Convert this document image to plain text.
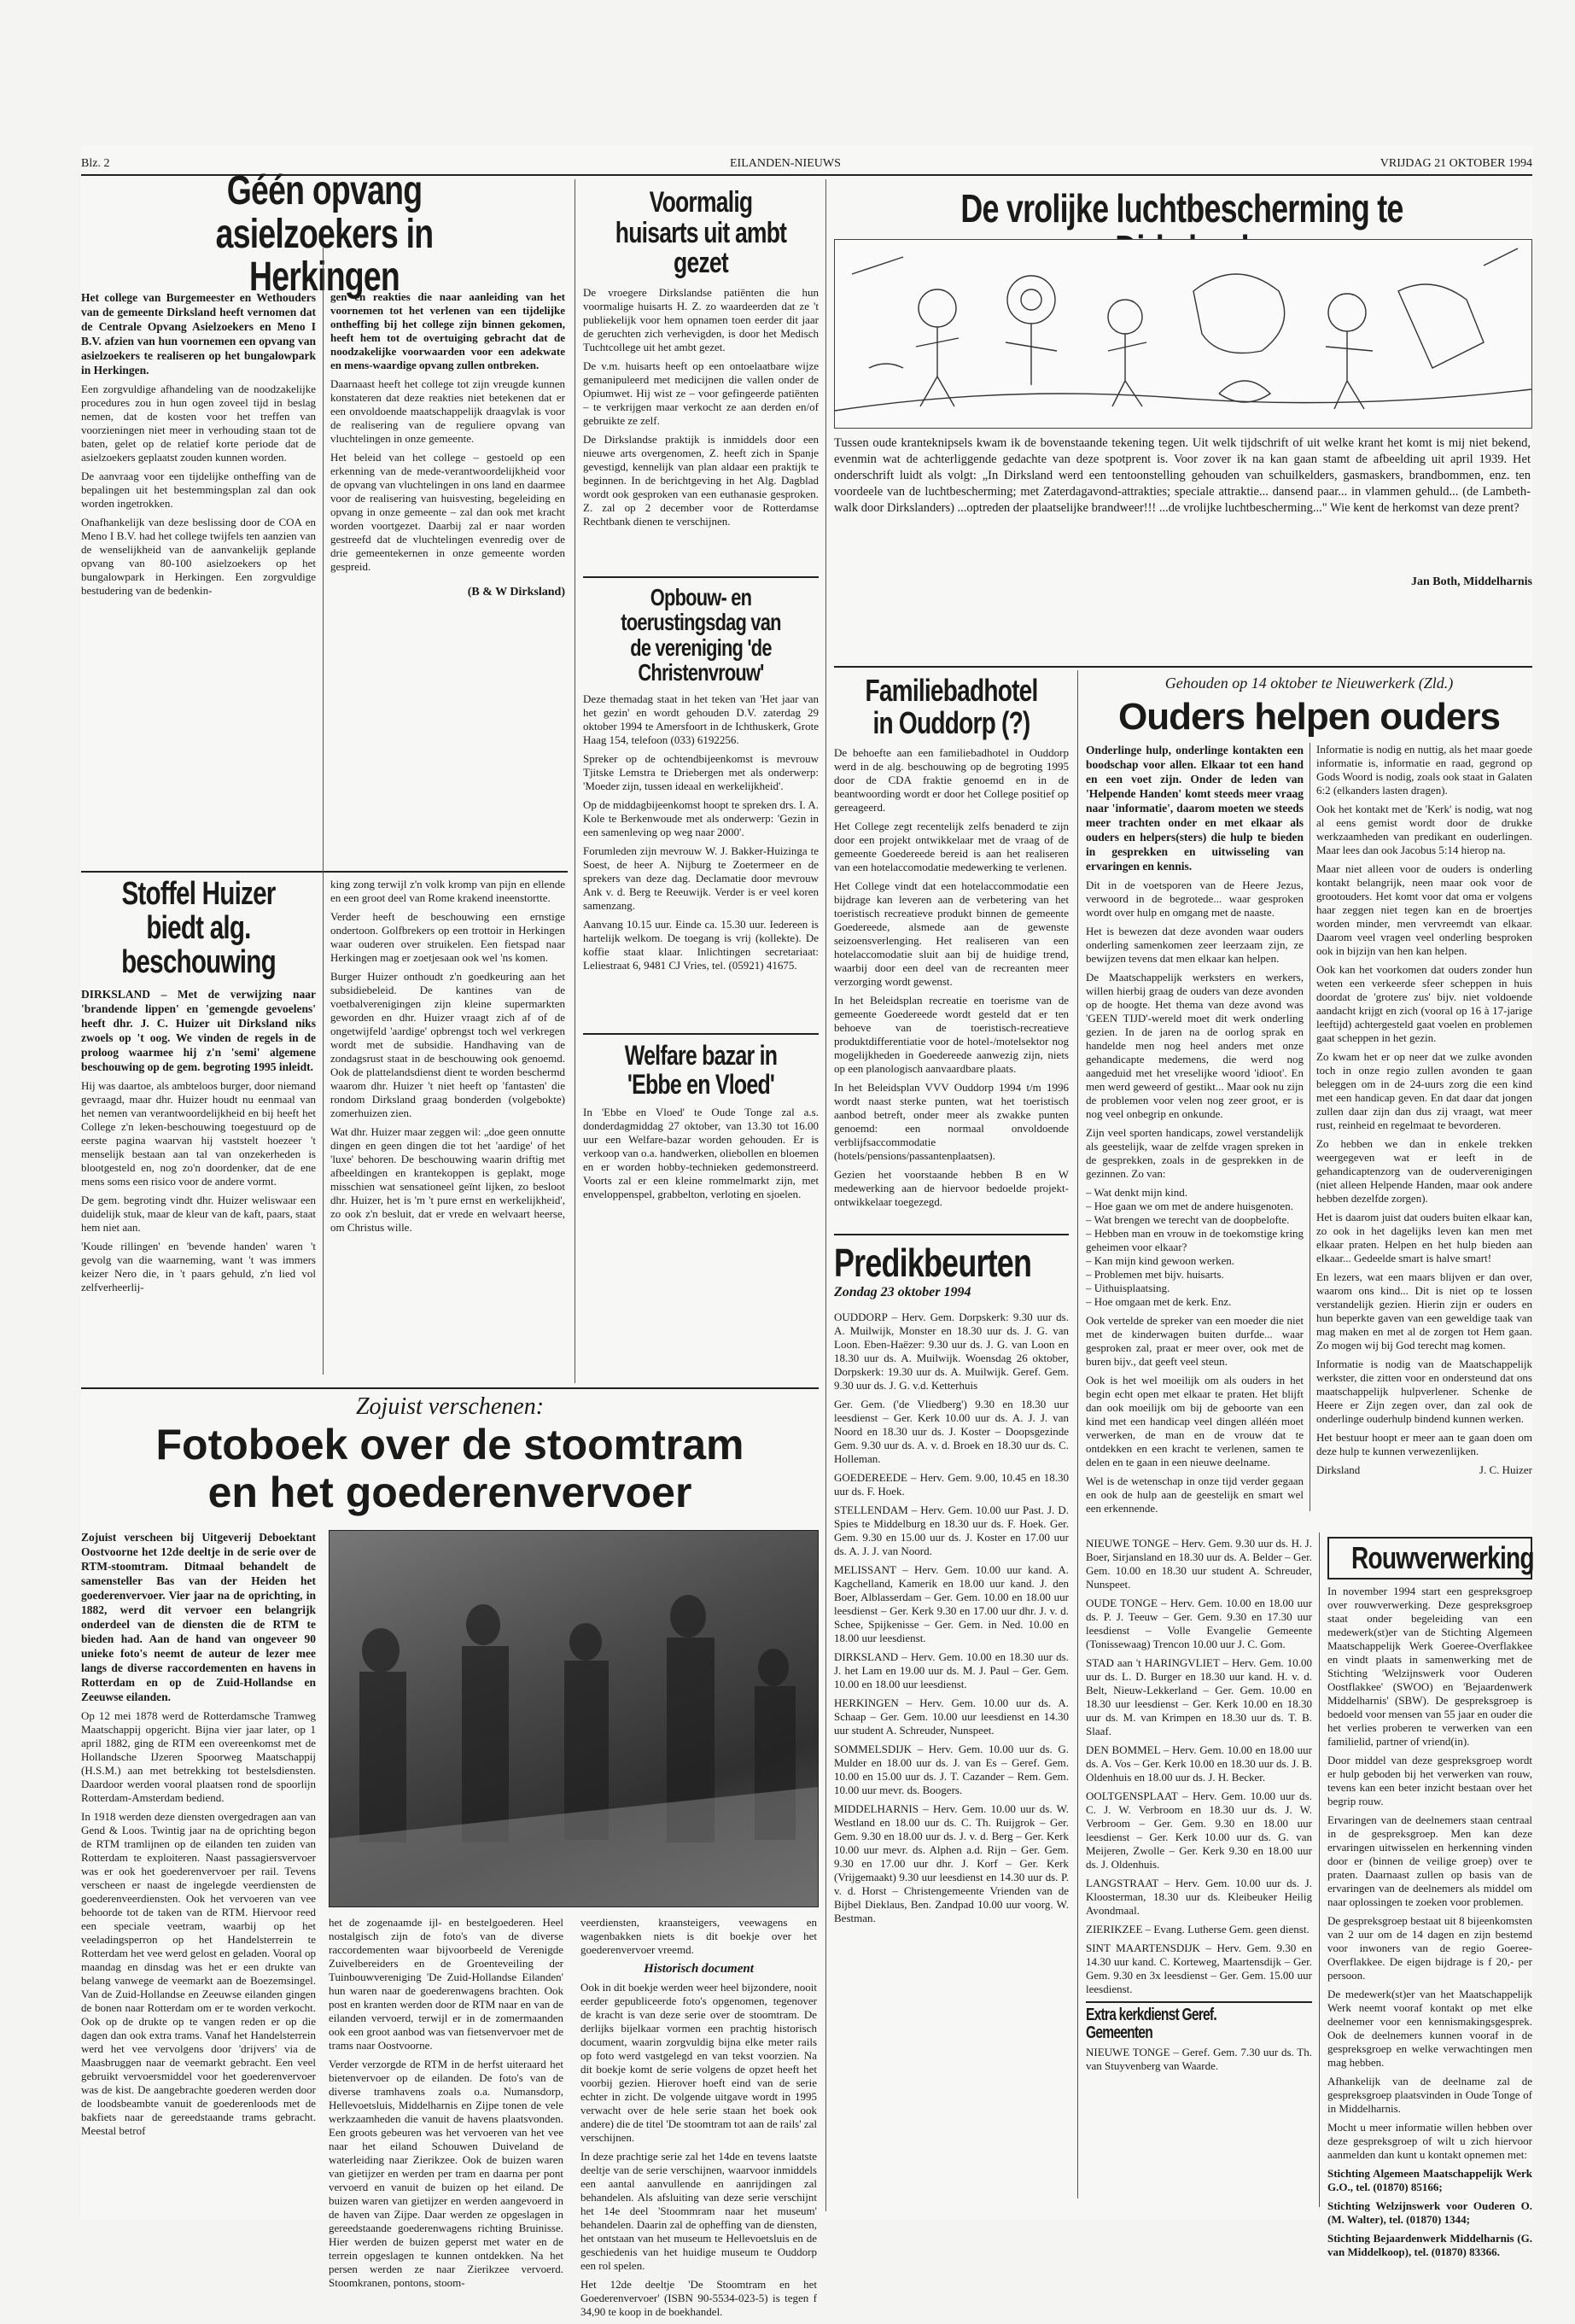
Blz. 2	EILANDEN-NIEUWS	VRIJDAG 21 OKTOBER 1994
Géén opvang asielzoekers in Herkingen

Het college van Burgemeester en Wethouders van de gemeente Dirksland heeft vernomen dat de Centrale Opvang Asielzoekers en Meno I B.V. afzien van hun voornemen een opvang van asielzoekers te realiseren op het bungalowpark in Herkingen.

Een zorgvuldige afhandeling van de noodzakelijke procedures zou in hun ogen zoveel tijd in beslag nemen, dat de kosten voor het treffen van voorzieningen niet meer in verhouding staan tot de baten, gelet op de relatief korte periode dat de asielzoekers geplaatst zouden kunnen worden.

De aanvraag voor een tijdelijke ontheffing van de bepalingen uit het bestemmingsplan zal dan ook worden ingetrokken.

Onafhankelijk van deze beslissing door de COA en Meno I B.V. had het college twijfels ten aanzien van de wenselijkheid van de aanvankelijk geplande opvang van 80-100 asielzoekers op het bungalowpark in Herkingen. Een zorgvuldige bestudering van de bedenkin-

gen en reakties die naar aanleiding van het voornemen tot het verlenen van een tijdelijke ontheffing bij het college zijn binnen gekomen, heeft hem tot de overtuiging gebracht dat de noodzakelijke voorwaarden voor een adekwate en mens-waardige opvang zullen ontbreken.

Daarnaast heeft het college tot zijn vreugde kunnen konstateren dat deze reakties niet betekenen dat er een onvoldoende maatschappelijk draagvlak is voor de realisering van de reguliere opvang van vluchtelingen in onze gemeente.

Het beleid van het college – gestoeld op een erkenning van de mede-verantwoordelijkheid voor de opvang van vluchtelingen in ons land en daarmee voor de realisering van huisvesting, begeleiding en opvang in onze gemeente – zal dan ook met kracht worden voortgezet. Daarbij zal er naar worden gestreefd dat de vluchtelingen evenredig over de drie gemeentekernen in onze gemeente worden gespreid.

(B & W Dirksland)

Stoffel Huizer biedt alg. beschouwing

DIRKSLAND – Met de verwijzing naar 'brandende lippen' en 'gemengde gevoelens' heeft dhr. J. C. Huizer uit Dirksland niks zwoels op 't oog. We vinden de regels in de proloog waarmee hij z'n 'semi' algemene beschouwing op de gem. begroting 1995 inleidt.

Hij was daartoe, als ambteloos burger, door niemand gevraagd, maar dhr. Huizer houdt nu eenmaal van het nemen van verantwoordelijkheid en bij heeft het College z'n leken-beschouwing toegestuurd op de eerste pagina waarvan hij vaststelt hoezeer 't menselijk bestaan aan tal van onzekerheden is blootgesteld en, nog zo'n doordenker, dat de ene mens soms een risico voor de andere vormt.

De gem. begroting vindt dhr. Huizer weliswaar een duidelijk stuk, maar de kleur van de kaft, paars, staat hem niet aan.

'Koude rillingen' en 'bevende handen' waren 't gevolg van die waarneming, want 't was immers keizer Nero die, in 't paars gehuld, z'n lied vol zelfverheerlij-

king zong terwijl z'n volk kromp van pijn en ellende en een groot deel van Rome krakend ineenstortte.

Verder heeft de beschouwing een ernstige ondertoon. Golfbrekers op een trottoir in Herkingen waar ouderen over struikelen. Een fietspad naar Herkingen mag er zoetjesaan ook wel 'ns komen.

Burger Huizer onthoudt z'n goedkeuring aan het subsidiebeleid. De kantines van de voetbalverenigingen zijn kleine supermarkten geworden en dhr. Huizer vraagt zich af of de ongetwijfeld 'aardige' opbrengst toch wel verkregen wordt met de subsidie. Handhaving van de zondagsrust staat in de beschouwing ook genoemd. Ook de plattelandsdienst dient te worden beschermd waarom dhr. Huizer 't niet heeft op 'fantasten' die rondom Dirksland graag bonderden (volgebokte) zomerhuizen zien.

Wat dhr. Huizer maar zeggen wil: „doe geen onnutte dingen en geen dingen die tot het 'aardige' of het 'luxe' behoren. De beschouwing waarin driftig met afbeeldingen en krantekoppen is geplakt, moge misschien wat sensationeel geïnt lijken, zo besloot dhr. Huizer, het is 'm 't pure ernst en werkelijkheid', zo ook z'n besluit, dat er vrede en welvaart heerse, om Christus wille.

Voormalig huisarts uit ambt gezet

De vroegere Dirkslandse patiënten die hun voormalige huisarts H. Z. zo waardeerden dat ze 't publiekelijk voor hem opnamen toen eerder dit jaar de geruchten zich verhevigden, is door het Medisch Tuchtcollege uit het ambt gezet.

De v.m. huisarts heeft op een ontoelaatbare wijze gemanipuleerd met medicijnen die vallen onder de Opiumwet. Hij wist ze – voor gefingeerde patiënten – te verkrijgen maar verkocht ze aan derden en/of gebruikte ze zelf.

De Dirkslandse praktijk is inmiddels door een nieuwe arts overgenomen, Z. heeft zich in Spanje gevestigd, kennelijk van plan aldaar een praktijk te beginnen. In de berichtgeving in het Alg. Dagblad wordt ook gesproken van een euthanasie gesproken. Z. zal op 2 december voor de Rotterdamse Rechtbank dienen te verschijnen.

Opbouw- en toerustingsdag van de vereniging 'de Christenvrouw'

Deze themadag staat in het teken van 'Het jaar van het gezin' en wordt gehouden D.V. zaterdag 29 oktober 1994 te Amersfoort in de Ichthuskerk, Grote Haag 154, telefoon (033) 6192256.

Spreker op de ochtendbijeenkomst is mevrouw Tjitske Lemstra te Driebergen met als onderwerp: 'Moeder zijn, tussen ideaal en werkelijkheid'.

Op de middagbijeenkomst hoopt te spreken drs. I. A. Kole te Berkenwoude met als onderwerp: 'Gezin in een samenleving op weg naar 2000'.

Forumleden zijn mevrouw W. J. Bakker-Huizinga te Soest, de heer A. Nijburg te Zoetermeer en de sprekers van deze dag. Declamatie door mevrouw Ank v. d. Berg te Reeuwijk. Verder is er veel koren samenzang.

Aanvang 10.15 uur. Einde ca. 15.30 uur. Iedereen is hartelijk welkom. De toegang is vrij (kollekte). De koffie staat klaar. Inlichtingen secretariaat: Leliestraat 6, 9481 CJ Vries, tel. (05921) 41675.

Welfare bazar in 'Ebbe en Vloed'

In 'Ebbe en Vloed' te Oude Tonge zal a.s. donderdagmiddag 27 oktober, van 13.30 tot 16.00 uur een Welfare-bazar worden gehouden. Er is verkoop van o.a. handwerken, oliebollen en bloemen en er worden hobby-technieken gedemonstreerd. Voorts zal er een kleine rommelmarkt zijn, met enveloppenspel, grabbelton, verloting en sjoelen.

De vrolijke luchtbescherming te

Tussen oude kranteknipsels kwam ik de bovenstaande tekening tegen. Uit welk tijdschrift of uit welke krant het komt is mij niet bekend, evenmin wat de achterliggende gedachte van deze spotprent is. Voor zover ik na kan gaan stamt de afbeelding uit april 1939. Het onderschrift luidt als volgt: „In Dirksland werd een tentoonstelling gehouden van schuilkelders, gasmaskers, brandbommen, enz. ten voordeele van de luchtbescherming; met Zaterdagavond-attrakties; speciale attraktie... dansend paar... in vlammen gehuld... (de Lambeth-walk door Dirkslanders) ...optreden der plaatselijke brandweer!!! ...de vrolijke luchtbescherming..." Wie kent de herkomst van deze prent?

Jan Both, Middelharnis

Familiebadhotel in Ouddorp (?)

De behoefte aan een familiebadhotel in Ouddorp werd in de alg. beschouwing op de begroting 1995 door de CDA fraktie genoemd en in de beantwoording wordt er door het College positief op gereageerd.

Het College zegt recentelijk zelfs benaderd te zijn door een projekt ontwikkelaar met de vraag of de gemeente Goedereede bereid is aan het realiseren van een hotelaccomodatie medewerking te verlenen.

Het College vindt dat een hotelaccommodatie een bijdrage kan leveren aan de verbetering van het toeristisch recreatieve produkt binnen de gemeente Goedereede, alsmede aan de gewenste seizoensverlenging. Het realiseren van een hotelaccomodatie sluit aan bij de huidige trend, waarbij door een deel van de recreanten meer verzorging wordt gewenst.

In het Beleidsplan recreatie en toerisme van de gemeente Goedereede wordt gesteld dat er ten behoeve van de toeristisch-recreatieve produktdifferentiatie voor de hotel-/motelsektor nog mogelijkheden in Goedereede aanwezig zijn, niets op een planologisch aanvaardbare plaats.

In het Beleidsplan VVV Ouddorp 1994 t/m 1996 wordt naast sterke punten, wat het toeristisch aanbod betreft, onder meer als zwakke punten genoemd: een normaal onvoldoende verblijfsaccommodatie (hotels/pensions/passantenplaatsen).

Gezien het voorstaande hebben B en W medewerking aan de hiervoor bedoelde projekt-ontwikkelaar toegezegd.

Gehouden op 14 oktober te Nieuwerkerk (Zld.)

Ouders helpen ouders

Onderlinge hulp, onderlinge kontakten een boodschap voor allen. Elkaar tot een hand en een voet zijn. Onder de leden van 'Helpende Handen' komt steeds meer vraag naar 'informatie', daarom moeten we steeds meer trachten onder en met elkaar als ouders en helpers(sters) die hulp te bieden in gesprekken en uitwisseling van ervaringen en kennis.

Dit in de voetsporen van de Heere Jezus, verwoord in de begrotede... waar gesproken wordt over hulp en omgang met de naaste.

Het is bewezen dat deze avonden waar ouders onderling samenkomen zeer leerzaam zijn, ze bewijzen tevens dat men elkaar kan helpen.

De Maatschappelijk werksters en werkers, willen hierbij graag de ouders van deze avonden op de hoogte. Het thema van deze avond was 'GEEN TIJD'-wereld moet dit werk onderling gezien. In de jaren na de oorlog sprak en handelde men nog heel anders met onze gehandicapte medemens, die werd nog aangeduid met het vreselijke woord 'idioot'. En men werd geweerd of gestikt... Maar ook nu zijn de problemen voor velen nog zeer groot, er is nog veel onbegrip en onkunde.

Zijn veel sporten handicaps, zowel verstandelijk als geestelijk, waar de zelfde vragen spreken in de gesprekken, zoals in de gesprekken in de gezinnen. Zo van:

– Wat denkt mijn kind.
– Hoe gaan we om met de andere huisgenoten.
– Wat brengen we terecht van de doopbeloftе.
– Hebben man en vrouw in de toekomstige kring geheimen voor elkaar?
– Kan mijn kind gewoon werken.
– Problemen met bijv. huisarts.
– Uithuisplaatsing.
– Hoe omgaan met de kerk. Enz.

Ook vertelde de spreker van een moeder die niet met de kinderwagen buiten durfde... waar gesproken zal, praat er meer over, ook met de buren bijv., dat geeft veel steun.

Ook is het wel moeilijk om als ouders in het begin echt open met elkaar te praten. Het blijft dan ook moeilijk om bij de geboorte van een kind met een handicap veel dingen alléén moet verwerken, de man en de vrouw dat te ontdekken en een kracht te verlenen, samen te delen en te gaan in een nieuwe deelname.

Wel is de wetenschap in onze tijd verder gegaan en ook de hulp aan de geestelijk en smart wel een erkennende.

Informatie is nodig en nuttig, als het maar goede informatie is, informatie en raad, gegrond op Gods Woord is nodig, zoals ook staat in Galaten 6:2 (elkanders lasten dragen).

Ook het kontakt met de 'Kerk' is nodig, wat nog al eens gemist wordt door de drukke werkzaamheden van predikant en ouderlingen. Maar lees dan ook Jacobus 5:14 hierop na.

Maar niet alleen voor de ouders is onderling kontakt belangrijk, neen maar ook voor de grootouders. Het komt voor dat oma er volgens haar zeggen niet tegen kan en de broertjes worden minder, men vervreemdt van elkaar. Daarom veel vragen veel onderling besproken ook in bijzijn van hen kan helpen.

Ook kan het voorkomen dat ouders zonder hun weten een verkeerde sfeer scheppen in huis doordat de 'grotere zus' bijv. niet voldoende aandacht krijgt en zich (vooral op 16 à 17-jarige leeftijd) achtergesteld gaat voelen en problemen gaat scheppen in het gezin.

Zo kwam het er op neer dat we zulke avonden toch in onze regio zullen avonden te gaan beleggen om in de 24-uurs zorg die een kind met een handicap geven. En dat daar dat jongen zullen daar zijn dan dus zij vraagt, wat meer rust, reinheid en regelmaat te bevorderen.

Zo hebben we dan in enkele trekken weergegeven wat er leeft in de gehandicaptenzorg van de ouderverenigingen (niet alleen Helpende Handen, maar ook andere hebben dezelfde zorgen).

Het is daarom juist dat ouders buiten elkaar kan, zo ook in het dagelijks leven kan men met elkaar praten. Helpen en het hulp bieden aan elkaar... Gedeelde smart is halve smart!

En lezers, wat een maars blijven er dan over, waarom ons kind... Dit is niet op te lossen verstandelijk gezien. Hierin zijn er ouders en hun beperkte gaven van een geweldige taak van mag maken en met al de zorgen tot Hem gaan. Zo mogen wij bij God terecht mag komen.

Informatie is nodig van de Maatschappelijk werkster, die zitten voor en ondersteund dat ons maatschappelijk hulpverlener. Schenke de Heere er Zijn zegen over, dan zal ook de onderlinge ouderhulp bindend kunnen werken.

Het bestuur hoopt er meer aan te gaan doen om deze hulp te kunnen verwezenlijken.

Dirksland	J. C. Huizer

Zojuist verschenen:

Fotoboek over de stoomtram
en het goederenvervoer

Zojuist verscheen bij Uitgeverij Deboektant Oostvoorne het 12de deeltje in de serie over de RTM-stoomtram. Ditmaal behandelt de samensteller Bas van der Heiden het goederenvervoer. Vier jaar na de oprichting, in 1882, werd dit vervoer een belangrijk onderdeel van de diensten die de RTM te bieden had. Aan de hand van ongeveer 90 unieke foto's neemt de auteur de lezer mee langs de diverse raccordementen en havens in Rotterdam en op de Zuid-Hollandse en Zeeuwse eilanden.

Op 12 mei 1878 werd de Rotterdamsche Tramweg Maatschappij opgericht. Bijna vier jaar later, op 1 april 1882, ging de RTM een overeenkomst met de Hollandsche IJzeren Spoorweg Maatschappij (H.S.M.) aan met betrekking tot bestelsdiensten. Daardoor werden vooral plaatsen rond de spoorlijn Rotterdam-Amsterdam bediend.

In 1918 werden deze diensten overgedragen aan van Gend & Loos. Twintig jaar na de oprichting begon de RTM tramlijnen op de eilanden ten zuiden van Rotterdam te exploiteren. Naast passagiersvervoer was er ook het goederenvervoer per rail. Tevens verscheen er naast de ingelegde veerdiensten de goederenveerdiensten. Ook het vervoeren van vee behoorde tot de taken van de RTM. Hiervoor reed een speciale veetram, waarbij op het veeladingsperron op het Handelsterrein te Rotterdam het vee werd gelost en geladen. Vooral op maandag en dinsdag was het er een drukte van belang vanwege de veemarkt aan de Boezemsingel. Van de Zuid-Hollandse en Zeeuwse eilanden gingen de bonen naar Rotterdam om er te worden verkocht. Ook op de drukte op te vangen reden er op die dagen dan ook extra trams. Vanaf het Handelsterrein werd het vee vervolgens door 'drijvers' via de Maasbruggen naar de veemarkt gebracht. Een veel gebruikt vervoersmiddel voor het goederenvervoer was de kist. De aangebrachte goederen werden door de loodsbeambte vanuit de goederenloods met de bakfiets naar de gereedstaande trams gebracht. Meestal betrof

het de zogenaamde ijl- en bestelgoederen. Heel nostalgisch zijn de foto's van de diverse raccordementen waar bijvoorbeeld de Verenigde Zuivelbereiders en de Groenteveiling der Tuinbouwvereniging 'De Zuid-Hollandse Eilanden' hun waren naar de goederenwagens brachten. Ook post en kranten werden door de RTM naar en van de eilanden vervoerd, terwijl er in de zomermaanden ook een groot aanbod was van fietsenvervoer met de trams naar Oostvoorne.

Verder verzorgde de RTM in de herfst uiteraard het bietenvervoer op de eilanden. De foto's van de diverse tramhavens zoals o.a. Numansdorp, Hellevoetsluis, Middelharnis en Zijpe tonen de vele werkzaamheden die vanuit de havens plaatsvonden. Een groots gebeuren was het vervoeren van het vee naar het eiland Schouwen Duiveland de waterleiding naar Zierikzee. Ook de buizen waren van gietijzer en werden per tram en daarna per pont vervoerd en vanuit de buizen op het eiland. De buizen waren van gietijzer en werden aangevoerd in de haven van Zijpe. Daar werden ze opgeslagen in gereedstaande goederenwagens richting Bruinisse. Hier werden de buizen geperst met water en de terrein opgeslagen te kunnen ontdekken. Na het persen werden ze naar Zierikzee vervoerd. Stoomkranen, pontons, stoom-

veerdiensten, kraansteigers, veewagens en wagenbakken niets is dit boekje over het goederenvervoer vreemd.

Historisch document

Ook in dit boekje werden weer heel bijzondere, nooit eerder gepubliceerde foto's opgenomen, tegenover de kracht is van deze serie over de stoomtram. De derlijks bijelkaar vormen een prachtig historisch document, waarin zorgvuldig bijna elke meter rails op foto werd vastgelegd en van tekst voorzien. Na dit boekje komt de serie volgens de opzet heeft het voorbij gezien. Hierover hoeft eind van de serie echter in zicht. De volgende uitgave wordt in 1995 verwacht over de hele serie staan het boek ook andere) die de titel 'De stoomtram tot aan de rails' zal verschijnen.

In deze prachtige serie zal het 14de en tevens laatste deeltje van de serie verschijnen, waarvoor inmiddels een aantal aanvullende en aanrijdingen zal behandelen. Als afsluiting van deze serie verschijnt het 14e deel 'Stoommram naar het museum' behandelen. Daarin zal de opheffing van de diensten, het ontstaan van het museum te Hellevoetsluis en de geschiedenis van het huidige museum te Ouddorp een rol spelen.

Het 12de deeltje 'De Stoomtram en het Goederenvervoer' (ISBN 90-5534-023-5) is tegen f 34,90 te koop in de boekhandel.

Predikbeurten

Zondag 23 oktober 1994

OUDDORP – Herv. Gem. Dorpskerk: 9.30 uur ds. A. Muilwijk, Monster en 18.30 uur ds. J. G. van Loon. Eben-Haëzer: 9.30 uur ds. J. G. van Loon en 18.30 uur ds. A. Muilwijk. Woensdag 26 oktober, Dorpskerk: 19.30 uur ds. A. Muilwijk. Geref. Gem. 9.30 uur ds. J. G. v.d. Ketterhuis
Ger. Gem. ('de Vliedberg') 9.30 en 18.30 uur leesdienst – Ger. Kerk 10.00 uur ds. A. J. J. van Noord en 18.30 uur ds. J. Koster – Doopsgezinde Gem. 9.30 uur ds. A. v. d. Broek en 18.30 uur ds. C. Holleman.
GOEDEREEDE – Herv. Gem. 9.00, 10.45 en 18.30 uur ds. F. Hoek.
STELLENDAM – Herv. Gem. 10.00 uur Past. J. D. Spies te Middelburg en 18.30 uur ds. F. Hoek. Ger. Gem. 9.30 en 15.00 uur ds. J. Koster en 17.00 uur ds. A. J. J. van Noord.
MELISSANT – Herv. Gem. 10.00 uur kand. A. Kagchelland, Kamerik en 18.00 uur kand. J. den Boer, Alblasserdam – Ger. Gem. 10.00 en 18.00 uur leesdienst – Ger. Kerk 9.30 en 17.00 uur dhr. J. v. d. Schee, Spijkenisse – Ger. Gem. in Ned. 10.00 en 18.00 uur leesdienst.
DIRKSLAND – Herv. Gem. 10.00 en 18.30 uur ds. J. het Lam en 19.00 uur ds. M. J. Paul – Ger. Gem. 10.00 en 18.00 uur leesdienst.
HERKINGEN – Herv. Gem. 10.00 uur ds. A. Schaap – Ger. Gem. 10.00 uur leesdienst en 14.30 uur student A. Schreuder, Nunspeet.
SOMMELSDIJK – Herv. Gem. 10.00 uur ds. G. Mulder en 18.00 uur ds. J. van Es – Geref. Gem. 10.00 en 15.00 uur ds. J. T. Cazander – Rem. Gem. 10.00 uur mevr. ds. Boogers.
MIDDELHARNIS – Herv. Gem. 10.00 uur ds. W. Westland en 18.00 uur ds. C. Th. Ruijgrok – Ger. Gem. 9.30 en 18.00 uur ds. J. v. d. Berg – Ger. Kerk 10.00 uur mevr. ds. Alphen a.d. Rijn – Ger. Gem. 9.30 en 17.00 uur dhr. J. Korf – Ger. Kerk (Vrijgemaakt) 9.30 uur leesdienst en 14.30 uur ds. P. v. d. Horst – Christengemeente Vrienden van de Bijbel Dieklaus, Ben. Zandpad 10.00 uur voorg. W. Bestman.
NIEUWE TONGE – Herv. Gem. 9.30 uur ds. H. J. Boer, Sirjansland en 18.30 uur ds. A. Belder – Ger. Gem. 10.00 en 18.30 uur student A. Schreuder, Nunspeet.
OUDE TONGE – Herv. Gem. 10.00 en 18.00 uur ds. P. J. Teeuw – Ger. Gem. 9.30 en 17.30 uur leesdienst – Volle Evangelie Gemeente (Tonissewaag) Trencon 10.00 uur J. C. Gom.
STAD aan 't HARINGVLIET – Herv. Gem. 10.00 uur ds. L. D. Burger en 18.30 uur kand. H. v. d. Belt, Nieuw-Lekkerland – Ger. Gem. 10.00 en 18.30 uur leesdienst – Ger. Kerk 10.00 en 18.30 uur ds. M. van Krimpen en 18.30 uur ds. T. B. Slaaf.
DEN BOMMEL – Herv. Gem. 10.00 en 18.00 uur ds. A. Vos – Ger. Kerk 10.00 en 18.30 uur ds. J. B. Oldenhuis en 18.00 uur ds. J. H. Becker.
OOLTGENSPLAAT – Herv. Gem. 10.00 uur ds. C. J. W. Verbroom en 18.30 uur ds. J. W. Verbroom – Ger. Gem. 9.30 en 18.00 uur leesdienst – Ger. Kerk 10.00 uur ds. G. van Meijeren, Zwolle – Ger. Kerk 9.30 en 18.00 uur ds. J. Oldenhuis.
LANGSTRAAT – Herv. Gem. 10.00 uur ds. J. Kloosterman, 18.30 uur ds. Kleibeuker Heilig Avondmaal.
ZIERIKZEE – Evang. Lutherse Gem. geen dienst.
SINT MAARTENSDIJK – Herv. Gem. 9.30 en 14.30 uur kand. C. Korteweg, Maartensdijk – Ger. Gem. 9.30 en 3x leesdienst – Ger. Gem. 15.00 uur leesdienst.

Extra kerkdienst Geref. Gemeenten

NIEUWE TONGE – Geref. Gem. 7.30 uur ds. Th. van Stuyvenberg van Waarde.

Rouwverwerking

In november 1994 start een gespreksgroep over rouwverwerking. Deze gespreksgroep staat onder begeleiding van een medewerk(st)er van de Stichting Algemeen Maatschappelijk Werk Goeree-Overflakkee en vindt plaats in samenwerking met de Stichting 'Welzijnswerk voor Ouderen Oostflakkee' (SWOO) en 'Bejaardenwerk Middelharnis' (SBW). De gespreksgroep is bedoeld voor mensen van 55 jaar en ouder die het verlies proberen te verwerken van een familielid, partner of vriend(in).

Door middel van deze gespreksgroep wordt er hulp geboden bij het verwerken van rouw, tevens kan een beter inzicht bestaan over het begrip rouw.

Ervaringen van de deelnemers staan centraal in de gespreksgroep. Men kan deze ervaringen uitwisselen en herkenning vinden door er (binnen de veilige groep) over te praten. Daarnaast zullen op basis van de ervaringen van de deelnemers als middel om naar oplossingen te zoeken voor problemen.

De gespreksgroep bestaat uit 8 bijeenkomsten van 2 uur om de 14 dagen en zijn bestemd voor inwoners van de regio Goeree-Overflakkee. De eigen bijdrage is f 20,- per persoon.

De medewerk(st)er van het Maatschappelijk Werk neemt vooraf kontakt op met elke deelnemer voor een kennismakingsgesprek. Ook de deelnemers kunnen vooraf in de gespreksgroep en welke verwachtingen men mag hebben.

Afhankelijk van de deelname zal de gespreksgroep plaatsvinden in Oude Tonge of in Middelharnis.

Mocht u meer informatie willen hebben over deze gespreksgroep of wilt u zich hiervoor aanmelden dan kunt u kontakt opnemen met:

Stichting Algemeen Maatschappelijk Werk G.O., tel. (01870) 85166;

Stichting Welzijnswerk voor Ouderen O. (M. Walter), tel. (01870) 1344;

Stichting Bejaardenwerk Middelharnis (G. van Middelkoop), tel. (01870) 83366.
